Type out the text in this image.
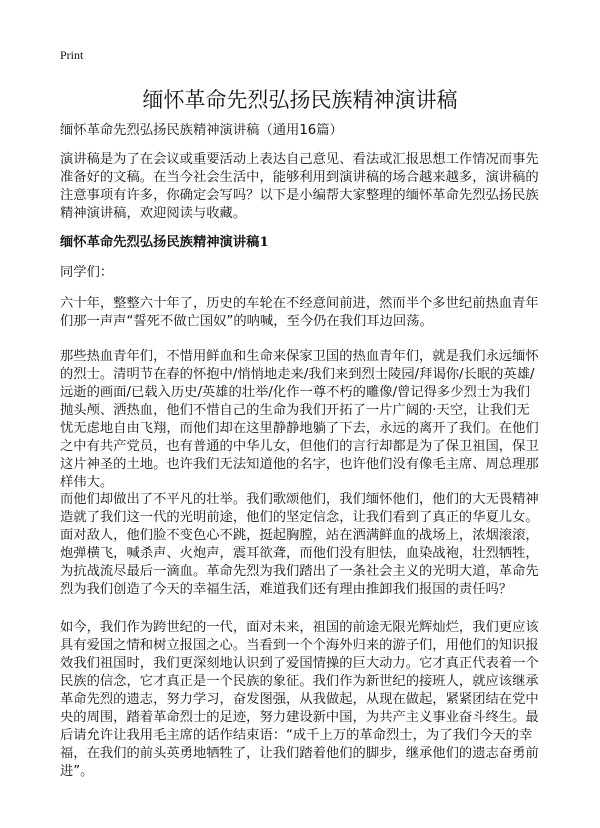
Print
缅怀革命先烈弘扬民族精神演讲稿
缅怀革命先烈弘扬民族精神演讲稿（通用16篇）
演讲稿是为了在会议或重要活动上表达自己意见、看法或汇报思想工作情况而事先
准备好的文稿。在当今社会生活中，能够利用到演讲稿的场合越来越多，演讲稿的
注意事项有许多，你确定会写吗？以下是小编帮大家整理的缅怀革命先烈弘扬民族
精神演讲稿，欢迎阅读与收藏。
缅怀革命先烈弘扬民族精神演讲稿1
同学们：
六十年，整整六十年了，历史的车轮在不经意间前进，然而半个多世纪前热血青年
们那一声声“誓死不做亡国奴”的呐喊，至今仍在我们耳边回荡。
那些热血青年们，不惜用鲜血和生命来保家卫国的热血青年们，就是我们永远缅怀
的烈士。清明节在春的怀抱中/悄悄地走来/我们来到烈士陵园/拜谒你/长眠的英雄/
远逝的画面/已载入历史/英雄的壮举/化作一尊不朽的雕像/曾记得多少烈士为我们
抛头颅、洒热血，他们不惜自己的生命为我们开拓了一片广阔的·天空，让我们无
忧无虑地自由飞翔，而他们却在这里静静地躺了下去，永远的离开了我们。在他们
之中有共产党员，也有普通的中华儿女，但他们的言行却都是为了保卫祖国，保卫
这片神圣的土地。也许我们无法知道他的名字，也许他们没有像毛主席、周总理那
样伟大。
而他们却做出了不平凡的壮举。我们歌颂他们，我们缅怀他们，他们的大无畏精神
造就了我们这一代的光明前途，他们的坚定信念，让我们看到了真正的华夏儿女。
面对敌人，他们脸不变色心不跳，挺起胸膛，站在洒满鲜血的战场上，浓烟滚滚，
炮弹横飞，喊杀声、火炮声，震耳欲聋，而他们没有胆怯，血染战袍，壮烈牺牲，
为抗战流尽最后一滴血。革命先烈为我们踏出了一条社会主义的光明大道，革命先
烈为我们创造了今天的幸福生活，难道我们还有理由推卸我们报国的责任吗？
如今，我们作为跨世纪的一代，面对未来，祖国的前途无限光辉灿烂，我们更应该
具有爱国之情和树立报国之心。当看到一个个海外归来的游子们，用他们的知识报
效我们祖国时，我们更深刻地认识到了爱国情操的巨大动力。它才真正代表着一个
民族的信念，它才真正是一个民族的象征。我们作为新世纪的接班人，就应该继承
革命先烈的遗志，努力学习，奋发图强，从我做起，从现在做起，紧紧团结在党中
央的周围，踏着革命烈士的足迹，努力建设新中国，为共产主义事业奋斗终生。最
后请允许让我用毛主席的话作结束语：“成千上万的革命烈士，为了我们今天的幸
福，在我们的前头英勇地牺牲了，让我们踏着他们的脚步，继承他们的遗志奋勇前
进”。
